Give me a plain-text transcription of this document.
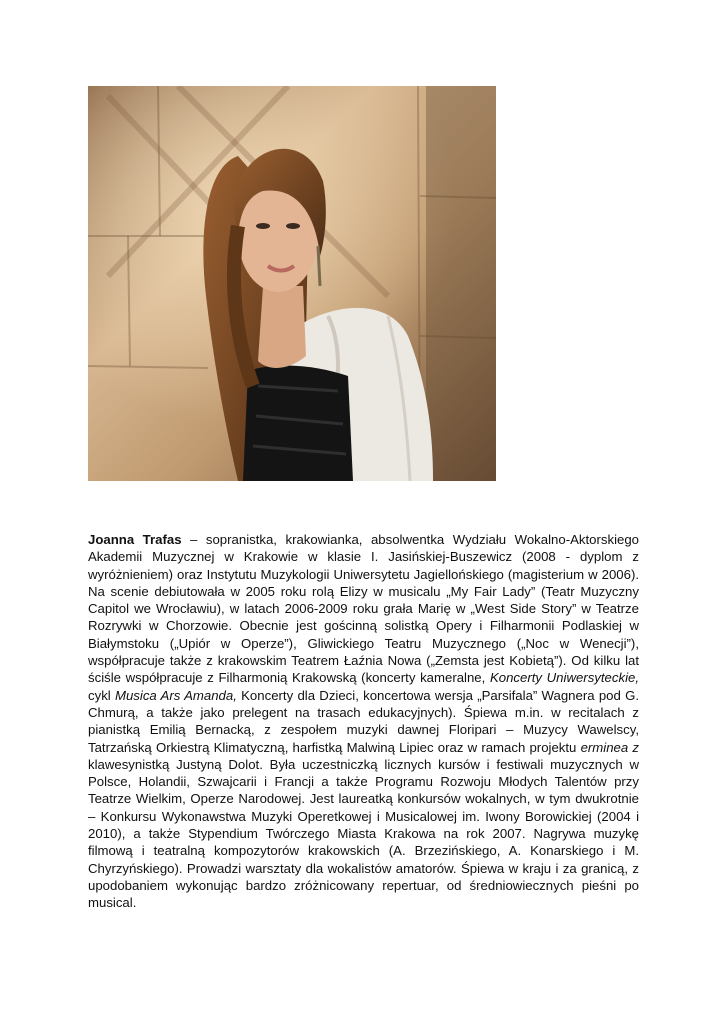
Joanna Trafas – sopranistka, krakowianka, absolwentka Wydziału Wokalno-Aktorskiego Akademii Muzycznej w Krakowie w klasie I. Jasińskiej-Buszewicz (2008 - dyplom z wyróżnieniem) oraz Instytutu Muzykologii Uniwersytetu Jagiellońskiego (magisterium w 2006). Na scenie debiutowała w 2005 roku rolą Elizy w musicalu „My Fair Lady” (Teatr Muzyczny Capitol we Wrocławiu), w latach 2006-2009 roku grała Marię w „West Side Story” w Teatrze Rozrywki w Chorzowie. Obecnie jest gościnną solistką Opery i Filharmonii Podlaskiej w Białymstoku („Upiór w Operze”), Gliwickiego Teatru Muzycznego („Noc w Wenecji”), współpracuje także z krakowskim Teatrem Łaźnia Nowa („Zemsta jest Kobietą”). Od kilku lat ściśle współpracuje z Filharmonią Krakowską (koncerty kameralne, Koncerty Uniwersyteckie, cykl Musica Ars Amanda, Koncerty dla Dzieci, koncertowa wersja „Parsifala” Wagnera pod G. Chmurą, a także jako prelegent na trasach edukacyjnych). Śpiewa m.in. w recitalach z pianistką Emilią Bernacką, z zespołem muzyki dawnej Floripari – Muzycy Wawelscy, Tatrzańską Orkiestrą Klimatyczną, harfistką Malwiną Lipiec oraz w ramach projektu erminea z klawesynistką Justyną Dolot. Była uczestniczką licznych kursów i festiwali muzycznych w Polsce, Holandii, Szwajcarii i Francji a także Programu Rozwoju Młodych Talentów przy Teatrze Wielkim, Operze Narodowej. Jest laureatką konkursów wokalnych, w tym dwukrotnie – Konkursu Wykonawstwa Muzyki Operetkowej i Musicalowej im. Iwony Borowickiej (2004 i 2010), a także Stypendium Twórczego Miasta Krakowa na rok 2007. Nagrywa muzykę filmową i teatralną kompozytorów krakowskich (A. Brzezińskiego, A. Konarskiego i M. Chyrzyńskiego). Prowadzi warsztaty dla wokalistów amatorów. Śpiewa w kraju i za granicą, z upodobaniem wykonując bardzo zróżnicowany repertuar, od średniowiecznych pieśni po musical.
